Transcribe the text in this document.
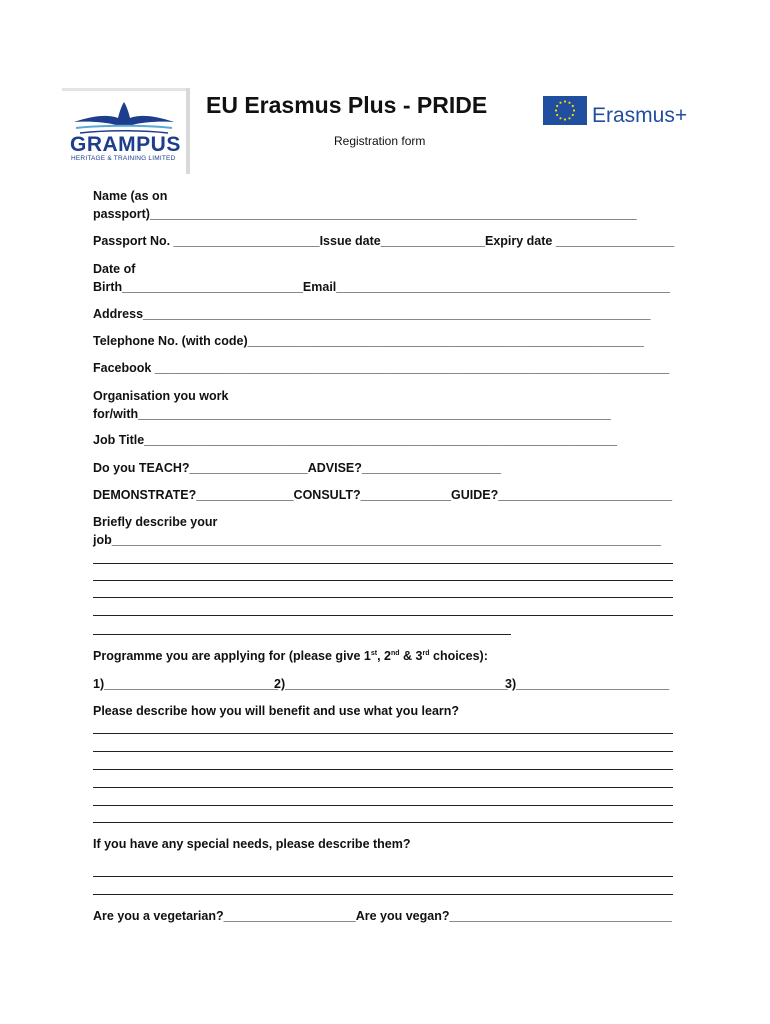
GRAMPUS
HERITAGE & TRAINING LIMITED
EU Erasmus Plus - PRIDE
Registration form
Erasmus+
Name (as on
passport)______________________________________________________________________
Passport No. _____________________Issue date_______________Expiry date _________________
Date of
Birth__________________________Email________________________________________________
Address_________________________________________________________________________
Telephone No. (with code)_________________________________________________________
Facebook __________________________________________________________________________
Organisation you work
for/with____________________________________________________________________
Job Title____________________________________________________________________
Do you TEACH?_________________ADVISE?____________________
DEMONSTRATE?______________CONSULT?_____________GUIDE?_________________________
Briefly describe your
job_______________________________________________________________________________
Programme you are applying for (please give 1st, 2nd & 3rd choices):
1)_________________________
2)________________________________
3)______________________
Please describe how you will benefit and use what you learn?
If you have any special needs, please describe them?
Are you a vegetarian?___________________Are you vegan?________________________________
